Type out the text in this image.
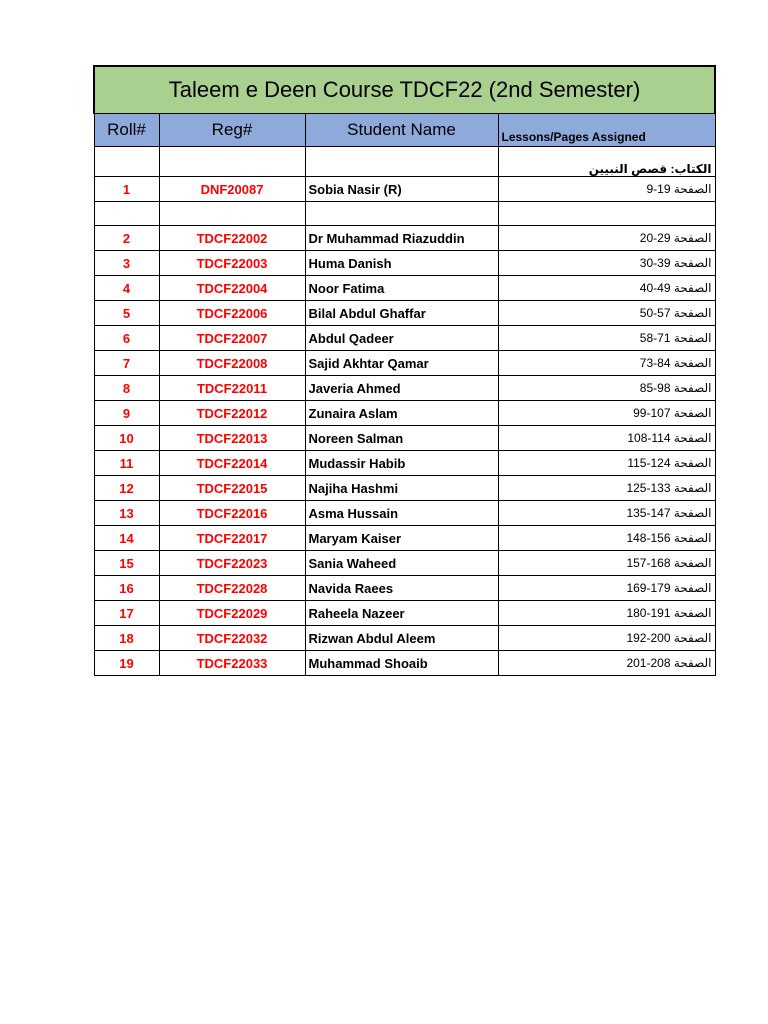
Taleem e Deen Course TDCF22 (2nd Semester)			
Roll#	Reg#	Student Name	Lessons/Pages Assigned
			الكتاب: قصص النبيين
1	DNF20087	Sobia Nasir (R)	الصفحة 19-9

2	TDCF22002	Dr Muhammad Riazuddin	الصفحة 29-20
3	TDCF22003	Huma Danish	الصفحة 39-30
4	TDCF22004	Noor Fatima	الصفحة 49-40
5	TDCF22006	Bilal Abdul Ghaffar	الصفحة 57-50
6	TDCF22007	Abdul Qadeer	الصفحة 71-58
7	TDCF22008	Sajid Akhtar Qamar	الصفحة 84-73
8	TDCF22011	Javeria Ahmed	الصفحة 98-85
9	TDCF22012	Zunaira Aslam	الصفحة 107-99
10	TDCF22013	Noreen Salman	الصفحة 114-108
11	TDCF22014	Mudassir Habib	الصفحة 124-115
12	TDCF22015	Najiha Hashmi	الصفحة 133-125
13	TDCF22016	Asma Hussain	الصفحة 147-135
14	TDCF22017	Maryam Kaiser	الصفحة 156-148
15	TDCF22023	Sania Waheed	الصفحة 168-157
16	TDCF22028	Navida Raees	الصفحة 179-169
17	TDCF22029	Raheela Nazeer	الصفحة 191-180
18	TDCF22032	Rizwan Abdul Aleem	الصفحة 200-192
19	TDCF22033	Muhammad Shoaib	الصفحة 208-201
